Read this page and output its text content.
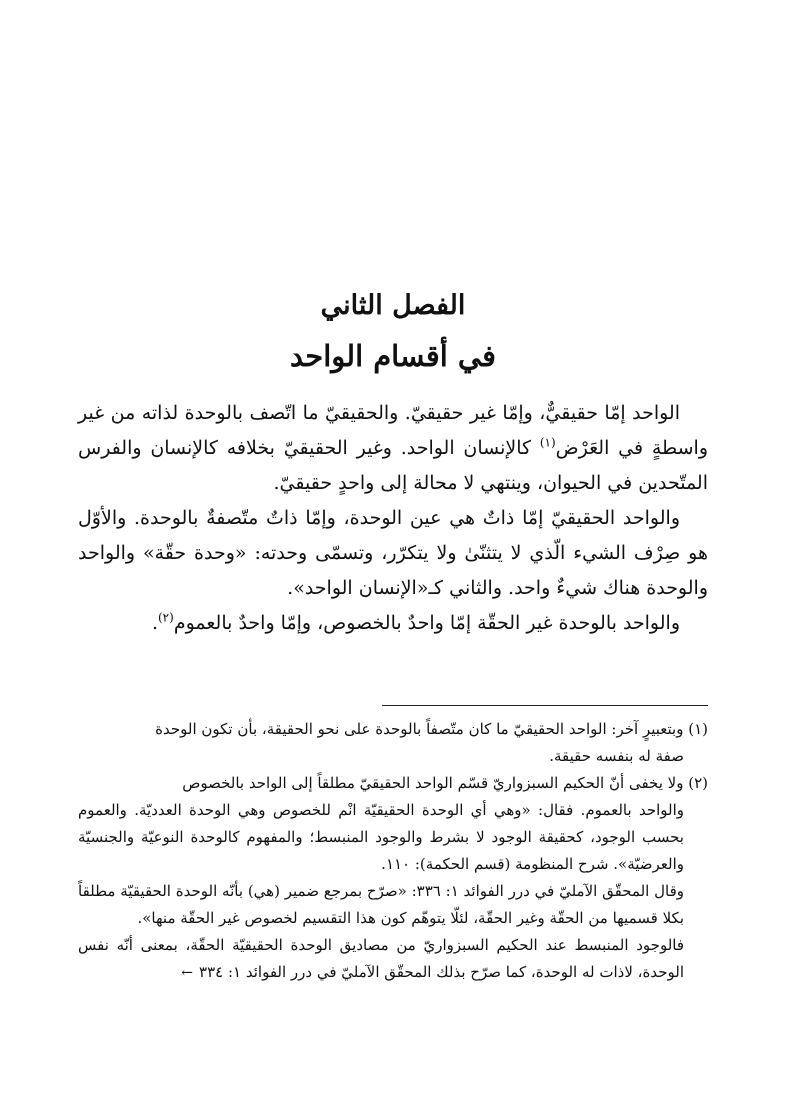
الفصل الثاني
في أقسام الواحد

الواحد إمّا حقيقيٌّ، وإمّا غير حقيقيّ. والحقيقيّ ما اتّصف بالوحدة لذاته من غير واسطةٍ في العَرْض$^{(١)}$ كالإنسان الواحد. وغير الحقيقيّ بخلافه كالإنسان والفرس المتّحدين في الحيوان، وينتهي لا محالة إلى واحدٍ حقيقيّ.

والواحد الحقيقيّ إمّا ذاتٌ هي عين الوحدة، وإمّا ذاتٌ متّصفةٌ بالوحدة. والأوّل هو صِرْف الشيء الّذي لا يتثنّىٰ ولا يتكرّر، وتسمّى وحدته: «وحدة حقّة» والواحد والوحدة هناك شيءٌ واحد. والثاني كـ«الإنسان الواحد».

والواحد بالوحدة غير الحقّة إمّا واحدٌ بالخصوص، وإمّا واحدٌ بالعموم$^{(٢)}$.

(١) وبتعبيرٍ آخر: الواحد الحقيقيّ ما كان متّصفاً بالوحدة على نحو الحقيقة، بأن تكون الوحدة

صفة له بنفسه حقيقة.

(٢) ولا يخفى أنّ الحكيم السبزواريّ قسّم الواحد الحقيقيّ مطلقاً إلى الواحد بالخصوص

والواحد بالعموم. فقال: «وهي أي الوحدة الحقيقيّة انْم للخصوص وهي الوحدة العدديّة. والعموم بحسب الوجود، كحقيقة الوجود لا بشرط والوجود المنبسط؛ والمفهوم كالوحدة النوعيّة والجنسيّة والعرضيّة». شرح المنظومة (قسم الحكمة): ١١٠.

وقال المحقّق الآمليّ في درر الفوائد ١: ٣٣٦: «صرّح بمرجع ضمير (هي) بأنّه الوحدة الحقيقيّة مطلقاً بكلا قسميها من الحقّة وغير الحقّة، لئلّا يتوهّم كون هذا التقسيم لخصوص غير الحقّة منها».

فالوجود المنبسط عند الحكيم السبزواريّ من مصاديق الوحدة الحقيقيّة الحقّة، بمعنى أنّه نفس الوحدة، لاذات له الوحدة، كما صرّح بذلك المحقّق الآمليّ في درر الفوائد ١: ٣٣٤←
